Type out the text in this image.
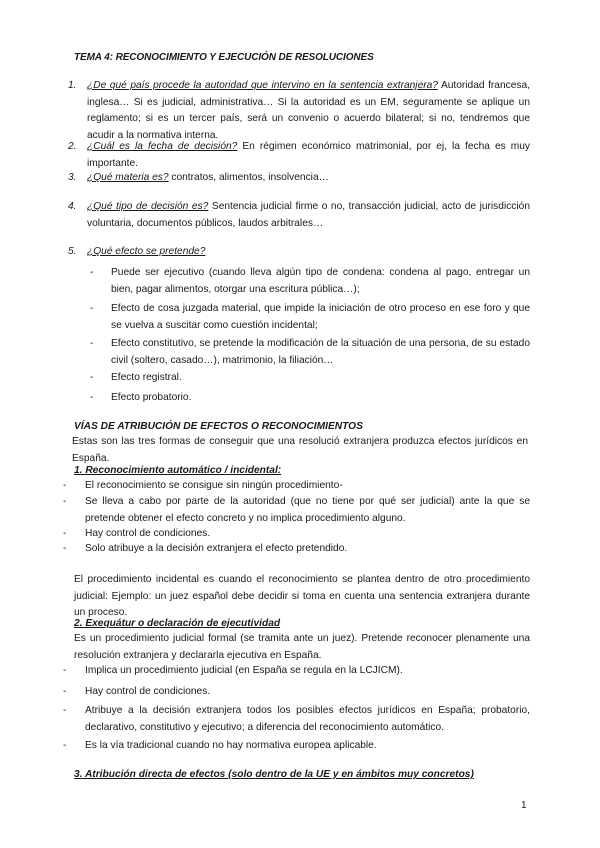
TEMA 4: RECONOCIMIENTO Y EJECUCIÓN DE RESOLUCIONES
1. ¿De qué país procede la autoridad que intervino en la sentencia extranjera? Autoridad francesa, inglesa… Si es judicial, administrativa… Si la autoridad es un EM, seguramente se aplique un reglamento; si es un tercer país, será un convenio o acuerdo bilateral; si no, tendremos que acudir a la normativa interna.
2. ¿Cuál es la fecha de decisión? En régimen económico matrimonial, por ej, la fecha es muy importante.
3. ¿Qué materia es? contratos, alimentos, insolvencia…
4. ¿Qué tipo de decisión es? Sentencia judicial firme o no, transacción judicial, acto de jurisdicción voluntaria, documentos públicos, laudos arbitrales…
5. ¿Qué efecto se pretende?
- Puede ser ejecutivo (cuando lleva algún tipo de condena: condena al pago, entregar un bien, pagar alimentos, otorgar una escritura pública…);
- Efecto de cosa juzgada material, que impide la iniciación de otro proceso en ese foro y que se vuelva a suscitar como cuestión incidental;
- Efecto constitutivo, se pretende la modificación de la situación de una persona, de su estado civil (soltero, casado…), matrimonio, la filiación…
- Efecto registral.
- Efecto probatorio.
VÍAS DE ATRIBUCIÓN DE EFECTOS O RECONOCIMIENTOS
Estas son las tres formas de conseguir que una resolució extranjera produzca efectos jurídicos en España.
1. Reconocimiento automático / incidental:
- El reconocimiento se consigue sin ningún procedimiento-
- Se lleva a cabo por parte de la autoridad (que no tiene por qué ser judicial) ante la que se pretende obtener el efecto concreto y no implica procedimiento alguno.
- Hay control de condiciones.
- Solo atribuye a la decisión extranjera el efecto pretendido.
El procedimiento incidental es cuando el reconocimiento se plantea dentro de otro procedimiento judicial: Ejemplo: un juez español debe decidir si toma en cuenta una sentencia extranjera durante un proceso.
2. Exequátur o declaración de ejecutividad
Es un procedimiento judicial formal (se tramita ante un juez). Pretende reconocer plenamente una resolución extranjera y declararla ejecutiva en España.
- Implica un procedimiento judicial (en España se regula en la LCJICM).
- Hay control de condiciones.
- Atribuye a la decisión extranjera todos los posibles efectos jurídicos en España; probatorio, declarativo, constitutivo y ejecutivo; a diferencia del reconocimiento automático.
- Es la vía tradicional cuando no hay normativa europea aplicable.
3. Atribución directa de efectos (solo dentro de la UE y en ámbitos muy concretos)
1
